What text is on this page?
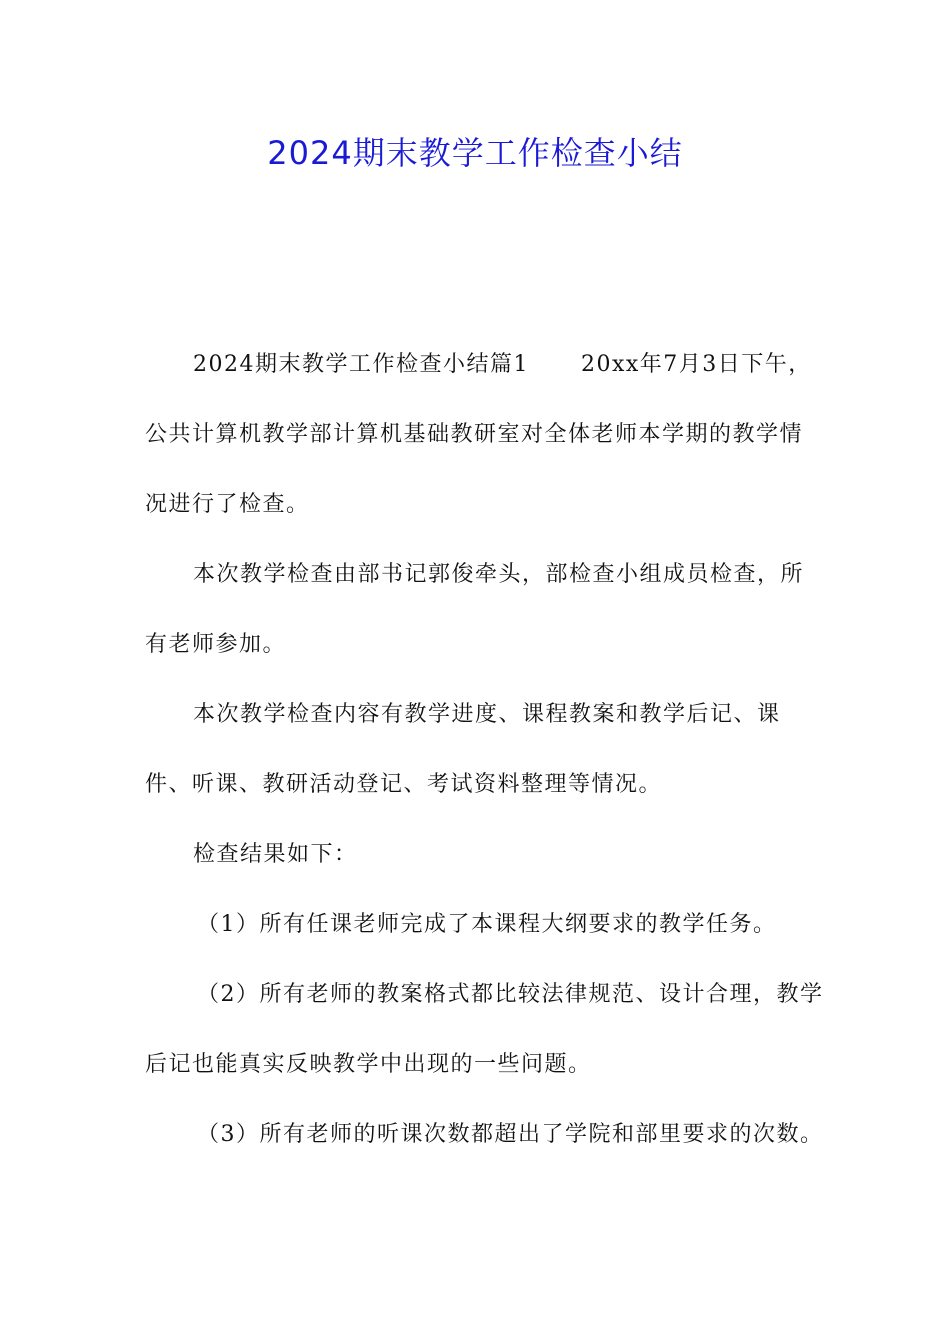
2024期末教学工作检查小结

2024期末教学工作检查小结篇1 20xx年7月3日下午，公共计算机教学部计算机基础教研室对全体老师本学期的教学情况进行了检查。

本次教学检查由部书记郭俊牵头，部检查小组成员检查，所有老师参加。

本次教学检查内容有教学进度、课程教案和教学后记、课件、听课、教研活动登记、考试资料整理等情况。

检查结果如下：

（1）所有任课老师完成了本课程大纲要求的教学任务。

（2）所有老师的教案格式都比较法律规范、设计合理，教学后记也能真实反映教学中出现的一些问题。

（3）所有老师的听课次数都超出了学院和部里要求的次数。
